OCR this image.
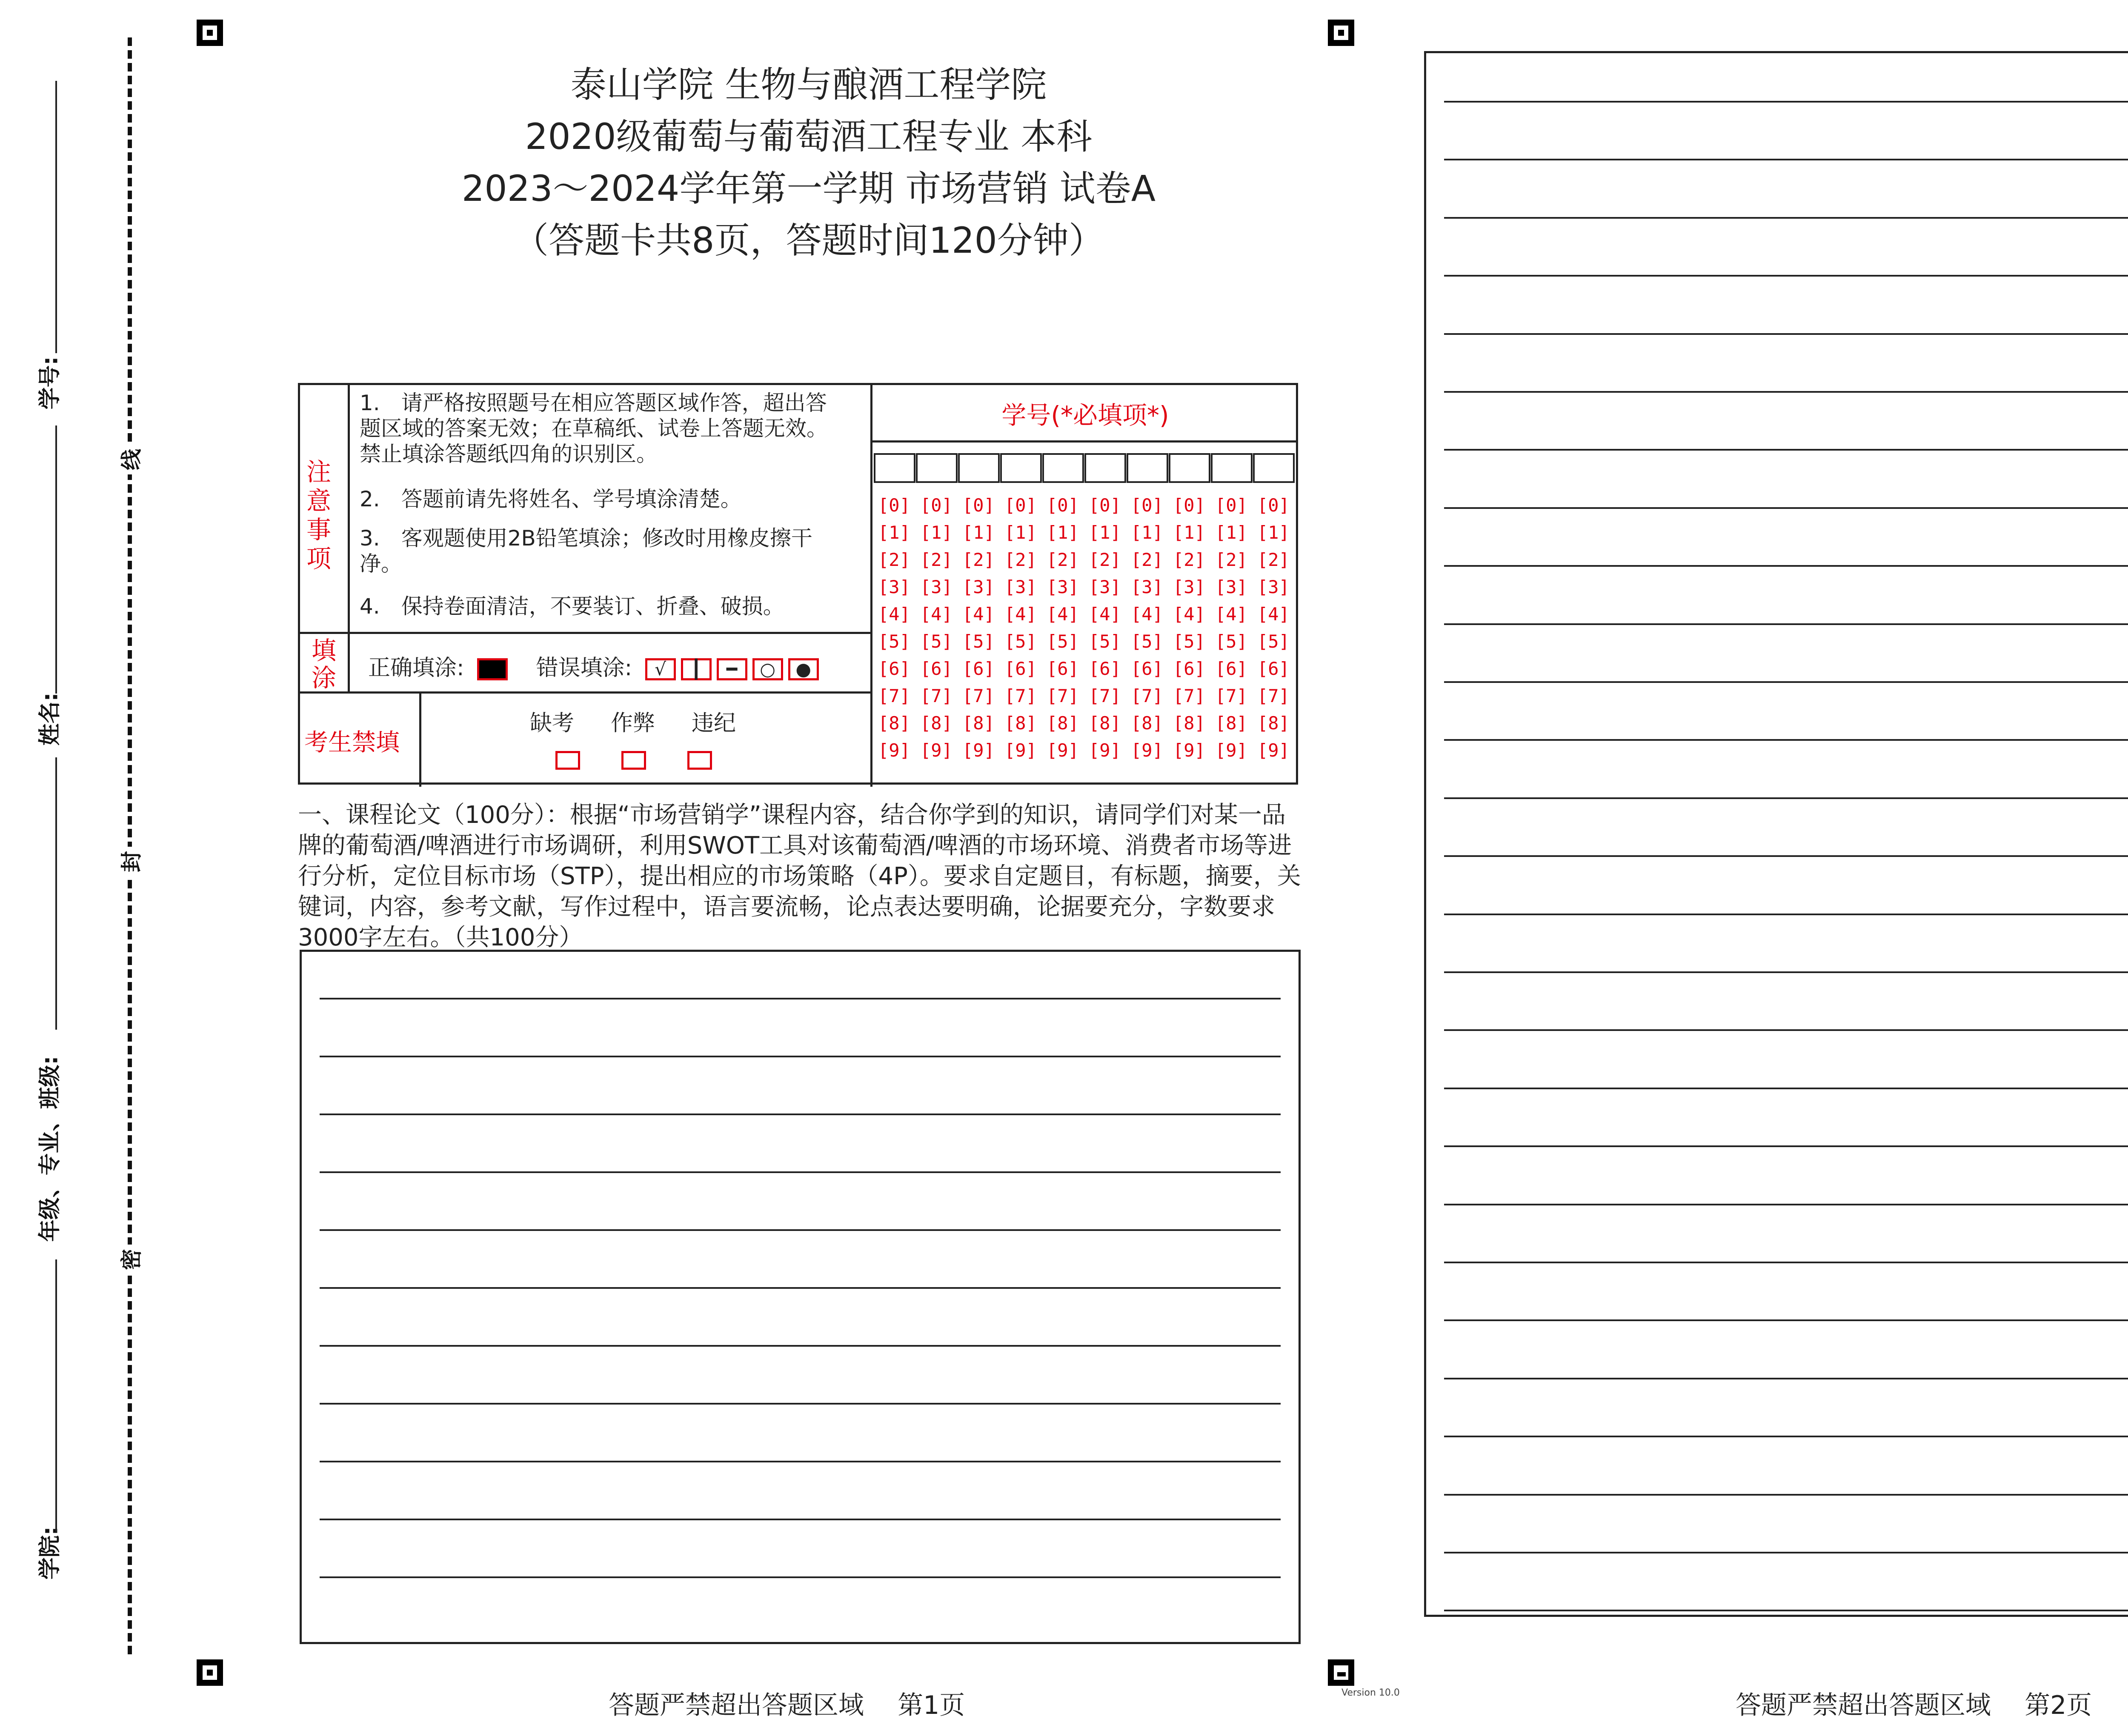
线
封
密
学号:
姓名:
年级、专业、班级:
学院:
泰山学院 生物与酿酒工程学院
2020级葡萄与葡萄酒工程专业 本科
2023～2024学年第一学期 市场营销 试卷A
（答题卡共8页，答题时间120分钟）
注意事项
1.　请严格按照题号在相应答题区域作答，超出答题区域的答案无效；在草稿纸、试卷上答题无效。禁止填涂答题纸四角的识别区。
2.　答题前请先将姓名、学号填涂清楚。
3.　客观题使用2B铅笔填涂；修改时用橡皮擦干净。
4.　保持卷面清洁，不要装订、折叠、破损。
填涂 正确填涂:	错误填涂: √ ┃ ━ ○ ●
考生禁填
缺考 作弊 违纪
学号(*必填项*)
[0]
[1]
[2]
[3]
[4]
[5]
[6]
[7]
[8]
[9]
[0]
[1]
[2]
[3]
[4]
[5]
[6]
[7]
[8]
[9]
[0]
[1]
[2]
[3]
[4]
[5]
[6]
[7]
[8]
[9]
[0]
[1]
[2]
[3]
[4]
[5]
[6]
[7]
[8]
[9]
[0]
[1]
[2]
[3]
[4]
[5]
[6]
[7]
[8]
[9]
[0]
[1]
[2]
[3]
[4]
[5]
[6]
[7]
[8]
[9]
[0]
[1]
[2]
[3]
[4]
[5]
[6]
[7]
[8]
[9]
[0]
[1]
[2]
[3]
[4]
[5]
[6]
[7]
[8]
[9]
[0]
[1]
[2]
[3]
[4]
[5]
[6]
[7]
[8]
[9]
[0]
[1]
[2]
[3]
[4]
[5]
[6]
[7]
[8]
[9]
一、课程论文（100分）：根据“市场营销学”课程内容，结合你学到的知识，请同学们对某一品牌的葡萄酒/啤酒进行市场调研，利用SWOT工具对该葡萄酒/啤酒的市场环境、消费者市场等进行分析，定位目标市场（STP），提出相应的市场策略（4P）。要求自定题目，有标题，摘要，关键词，内容，参考文献，写作过程中，语言要流畅，论点表达要明确，论据要充分，字数要求3000字左右。（共100分）
答题严禁超出答题区域　 第1页	答题严禁超出答题区域　 第2页
Version 10.0
